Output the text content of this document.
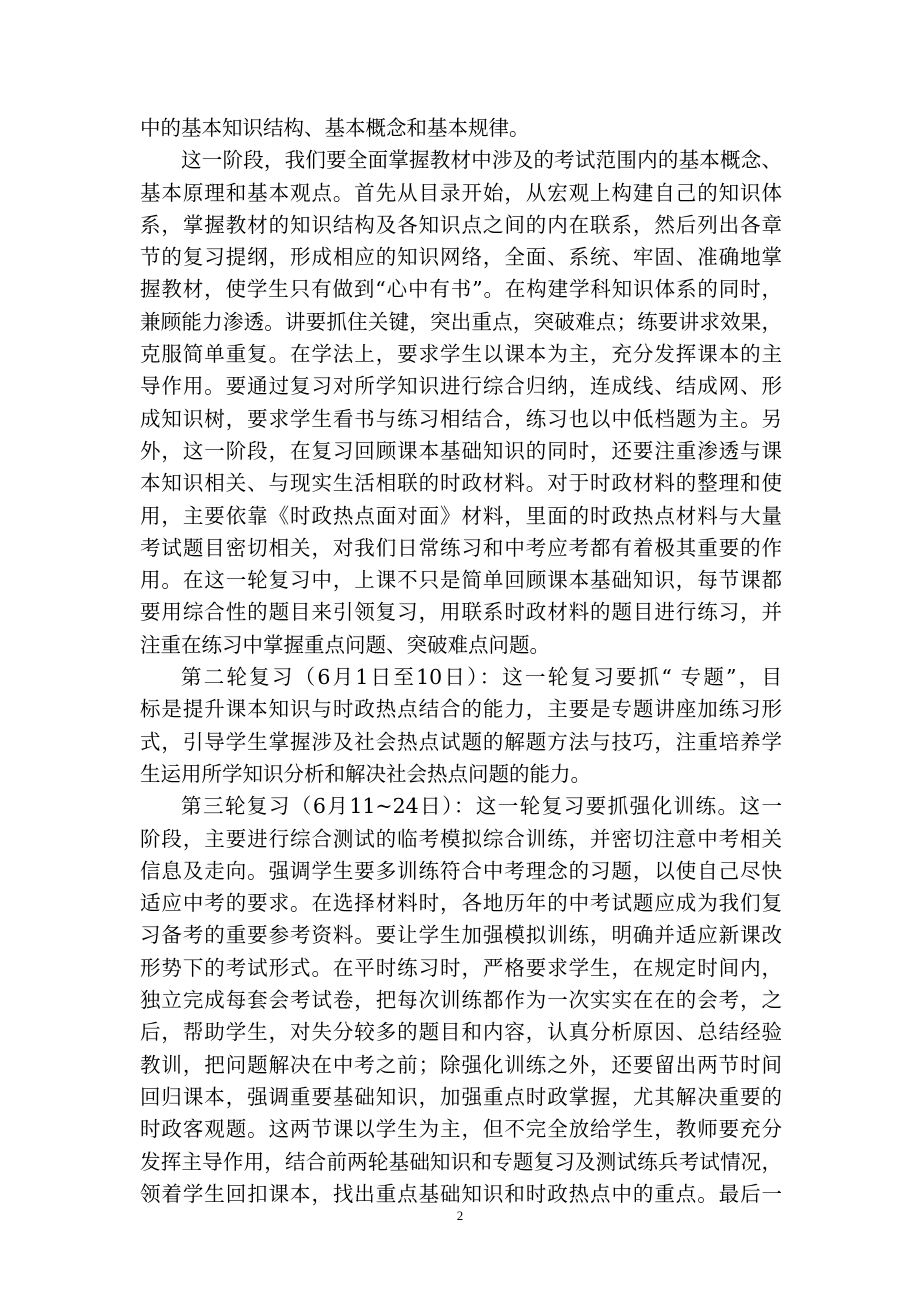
中的基本知识结构、基本概念和基本规律。

这一阶段，我们要全面掌握教材中涉及的考试范围内的基本概念、
基本原理和基本观点。首先从目录开始，从宏观上构建自己的知识体
系，掌握教材的知识结构及各知识点之间的内在联系，然后列出各章
节的复习提纲，形成相应的知识网络，全面、系统、牢固、准确地掌
握教材，使学生只有做到“心中有书”。在构建学科知识体系的同时，
兼顾能力渗透。讲要抓住关键，突出重点，突破难点；练要讲求效果，
克服简单重复。在学法上，要求学生以课本为主，充分发挥课本的主
导作用。要通过复习对所学知识进行综合归纳，连成线、结成网、形
成知识树，要求学生看书与练习相结合，练习也以中低档题为主。另
外，这一阶段，在复习回顾课本基础知识的同时，还要注重渗透与课
本知识相关、与现实生活相联的时政材料。对于时政材料的整理和使
用，主要依靠《时政热点面对面》材料，里面的时政热点材料与大量
考试题目密切相关，对我们日常练习和中考应考都有着极其重要的作
用。在这一轮复习中，上课不只是简单回顾课本基础知识，每节课都
要用综合性的题目来引领复习，用联系时政材料的题目进行练习，并
注重在练习中掌握重点问题、突破难点问题。

第二轮复习（6月1日至10日）：这一轮复习要抓“ 专题”，目
标是提升课本知识与时政热点结合的能力，主要是专题讲座加练习形
式，引导学生掌握涉及社会热点试题的解题方法与技巧，注重培养学
生运用所学知识分析和解决社会热点问题的能力。

第三轮复习（6月11~24日）：这一轮复习要抓强化训练。这一
阶段，主要进行综合测试的临考模拟综合训练，并密切注意中考相关
信息及走向。强调学生要多训练符合中考理念的习题，以使自己尽快
适应中考的要求。在选择材料时，各地历年的中考试题应成为我们复
习备考的重要参考资料。要让学生加强模拟训练，明确并适应新课改
形势下的考试形式。在平时练习时，严格要求学生，在规定时间内，
独立完成每套会考试卷，把每次训练都作为一次实实在在的会考，之
后，帮助学生，对失分较多的题目和内容，认真分析原因、总结经验
教训，把问题解决在中考之前；除强化训练之外，还要留出两节时间
回归课本，强调重要基础知识，加强重点时政掌握，尤其解决重要的
时政客观题。这两节课以学生为主，但不完全放给学生，教师要充分
发挥主导作用，结合前两轮基础知识和专题复习及测试练兵考试情况，
领着学生回扣课本，找出重点基础知识和时政热点中的重点。最后一

2
